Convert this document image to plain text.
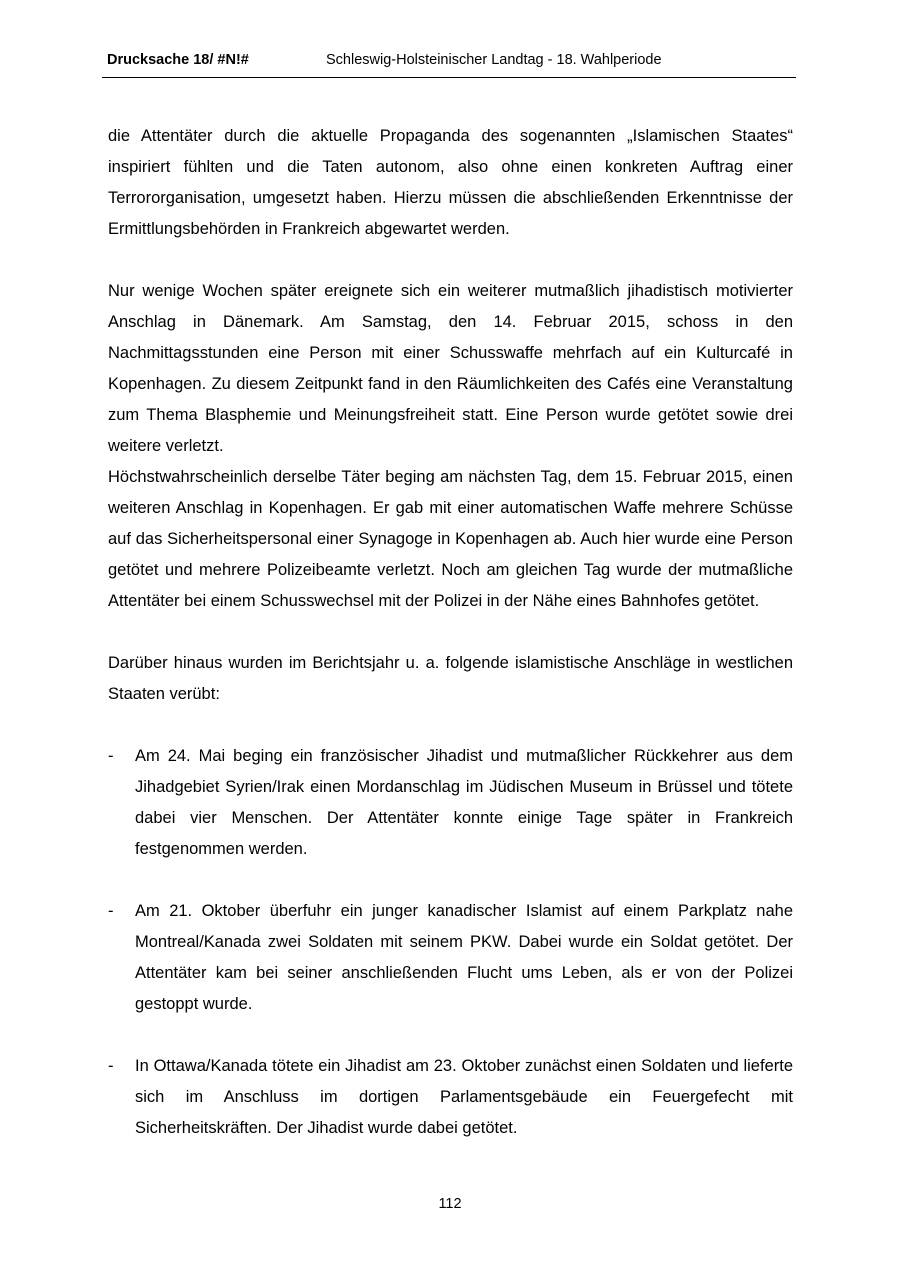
Drucksache 18/ #N!#	Schleswig-Holsteinischer Landtag - 18. Wahlperiode

die Attentäter durch die aktuelle Propaganda des sogenannten „Islamischen Staates“ inspiriert fühlten und die Taten autonom, also ohne einen konkreten Auftrag einer Terrororganisation, umgesetzt haben. Hierzu müssen die abschließenden Erkenntnisse der Ermittlungsbehörden in Frankreich abgewartet werden.

Nur wenige Wochen später ereignete sich ein weiterer mutmaßlich jihadistisch motivierter Anschlag in Dänemark. Am Samstag, den 14. Februar 2015, schoss in den Nachmittagsstunden eine Person mit einer Schusswaffe mehrfach auf ein Kulturcafé in Kopenhagen. Zu diesem Zeitpunkt fand in den Räumlichkeiten des Cafés eine Veranstaltung zum Thema Blasphemie und Meinungsfreiheit statt. Eine Person wurde getötet sowie drei weitere verletzt.

Höchstwahrscheinlich derselbe Täter beging am nächsten Tag, dem 15. Februar 2015, einen weiteren Anschlag in Kopenhagen. Er gab mit einer automatischen Waffe mehrere Schüsse auf das Sicherheitspersonal einer Synagoge in Kopenhagen ab. Auch hier wurde eine Person getötet und mehrere Polizeibeamte verletzt. Noch am gleichen Tag wurde der mutmaßliche Attentäter bei einem Schusswechsel mit der Polizei in der Nähe eines Bahnhofes getötet.

Darüber hinaus wurden im Berichtsjahr u. a. folgende islamistische Anschläge in westlichen Staaten verübt:

- Am 24. Mai beging ein französischer Jihadist und mutmaßlicher Rückkehrer aus dem Jihadgebiet Syrien/Irak einen Mordanschlag im Jüdischen Museum in Brüssel und tötete dabei vier Menschen. Der Attentäter konnte einige Tage später in Frankreich festgenommen werden.
- Am 21. Oktober überfuhr ein junger kanadischer Islamist auf einem Parkplatz nahe Montreal/Kanada zwei Soldaten mit seinem PKW. Dabei wurde ein Soldat getötet. Der Attentäter kam bei seiner anschließenden Flucht ums Leben, als er von der Polizei gestoppt wurde.
- In Ottawa/Kanada tötete ein Jihadist am 23. Oktober zunächst einen Soldaten und lieferte sich im Anschluss im dortigen Parlamentsgebäude ein Feuergefecht mit Sicherheitskräften. Der Jihadist wurde dabei getötet.
112
